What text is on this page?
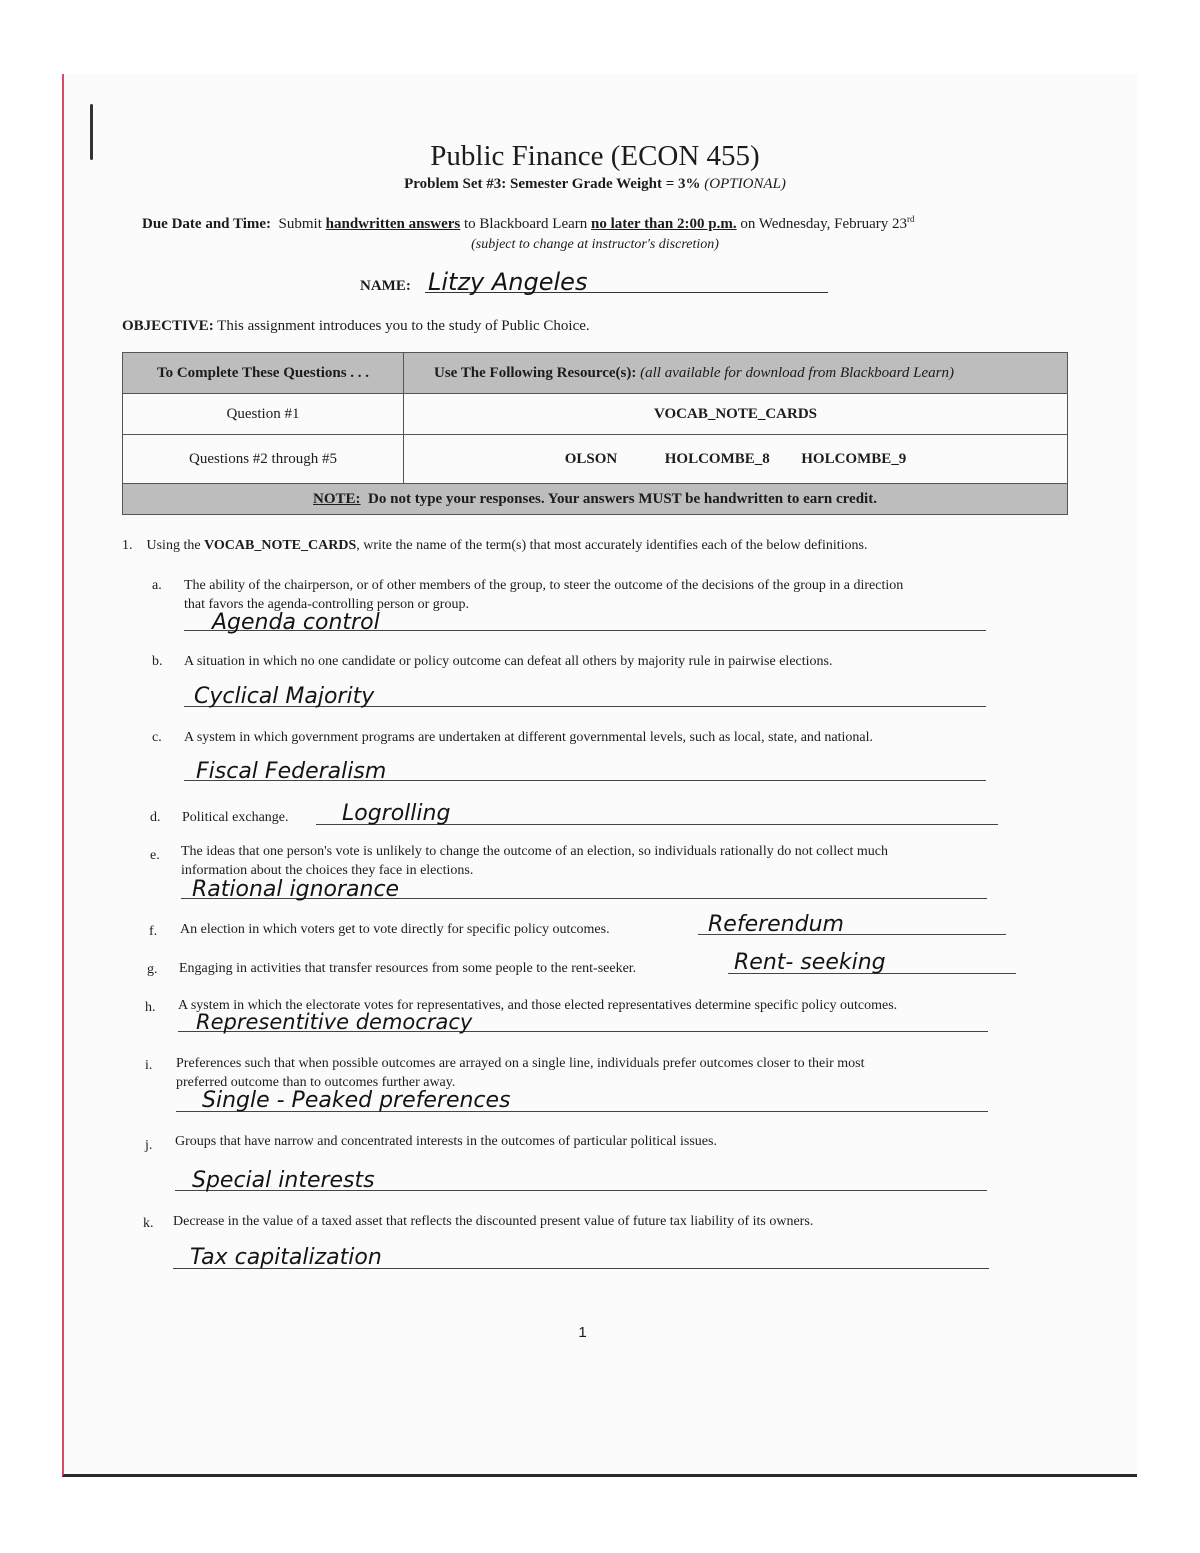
Public Finance (ECON 455)
Problem Set #3: Semester Grade Weight = 3% (OPTIONAL)
Due Date and Time: Submit handwritten answers to Blackboard Learn no later than 2:00 p.m. on Wednesday, February 23rd
(subject to change at instructor's discretion)
NAME: Litzy Angeles
OBJECTIVE: This assignment introduces you to the study of Public Choice.
To Complete These Questions . . .	Use The Following Resource(s): (all available for download from Blackboard Learn)
Question #1	VOCAB_NOTE_CARDS
Questions #2 through #5	OLSON HOLCOMBE_8 HOLCOMBE_9
NOTE: Do not type your responses. Your answers MUST be handwritten to earn credit.	
1. Using the VOCAB_NOTE_CARDS, write the name of the term(s) that most accurately identifies each of the below definitions.
a. The ability of the chairperson, or of other members of the group, to steer the outcome of the decisions of the group in a direction
that favors the agenda-controlling person or group.
Agenda control
b. A situation in which no one candidate or policy outcome can defeat all others by majority rule in pairwise elections.
Cyclical Majority
c. A system in which government programs are undertaken at different governmental levels, such as local, state, and national.
Fiscal Federalism
d. Political exchange. Logrolling
e. The ideas that one person's vote is unlikely to change the outcome of an election, so individuals rationally do not collect much
information about the choices they face in elections.
Rational ignorance
f. An election in which voters get to vote directly for specific policy outcomes.	Referendum
g. Engaging in activities that transfer resources from some people to the rent-seeker.	Rent- seeking
h. A system in which the electorate votes for representatives, and those elected representatives determine specific policy outcomes.
Representitive democracy
i. Preferences such that when possible outcomes are arrayed on a single line, individuals prefer outcomes closer to their most
preferred outcome than to outcomes further away.
Single - Peaked preferences
j. Groups that have narrow and concentrated interests in the outcomes of particular political issues.
Special interests
k. Decrease in the value of a taxed asset that reflects the discounted present value of future tax liability of its owners.
Tax capitalization
1
